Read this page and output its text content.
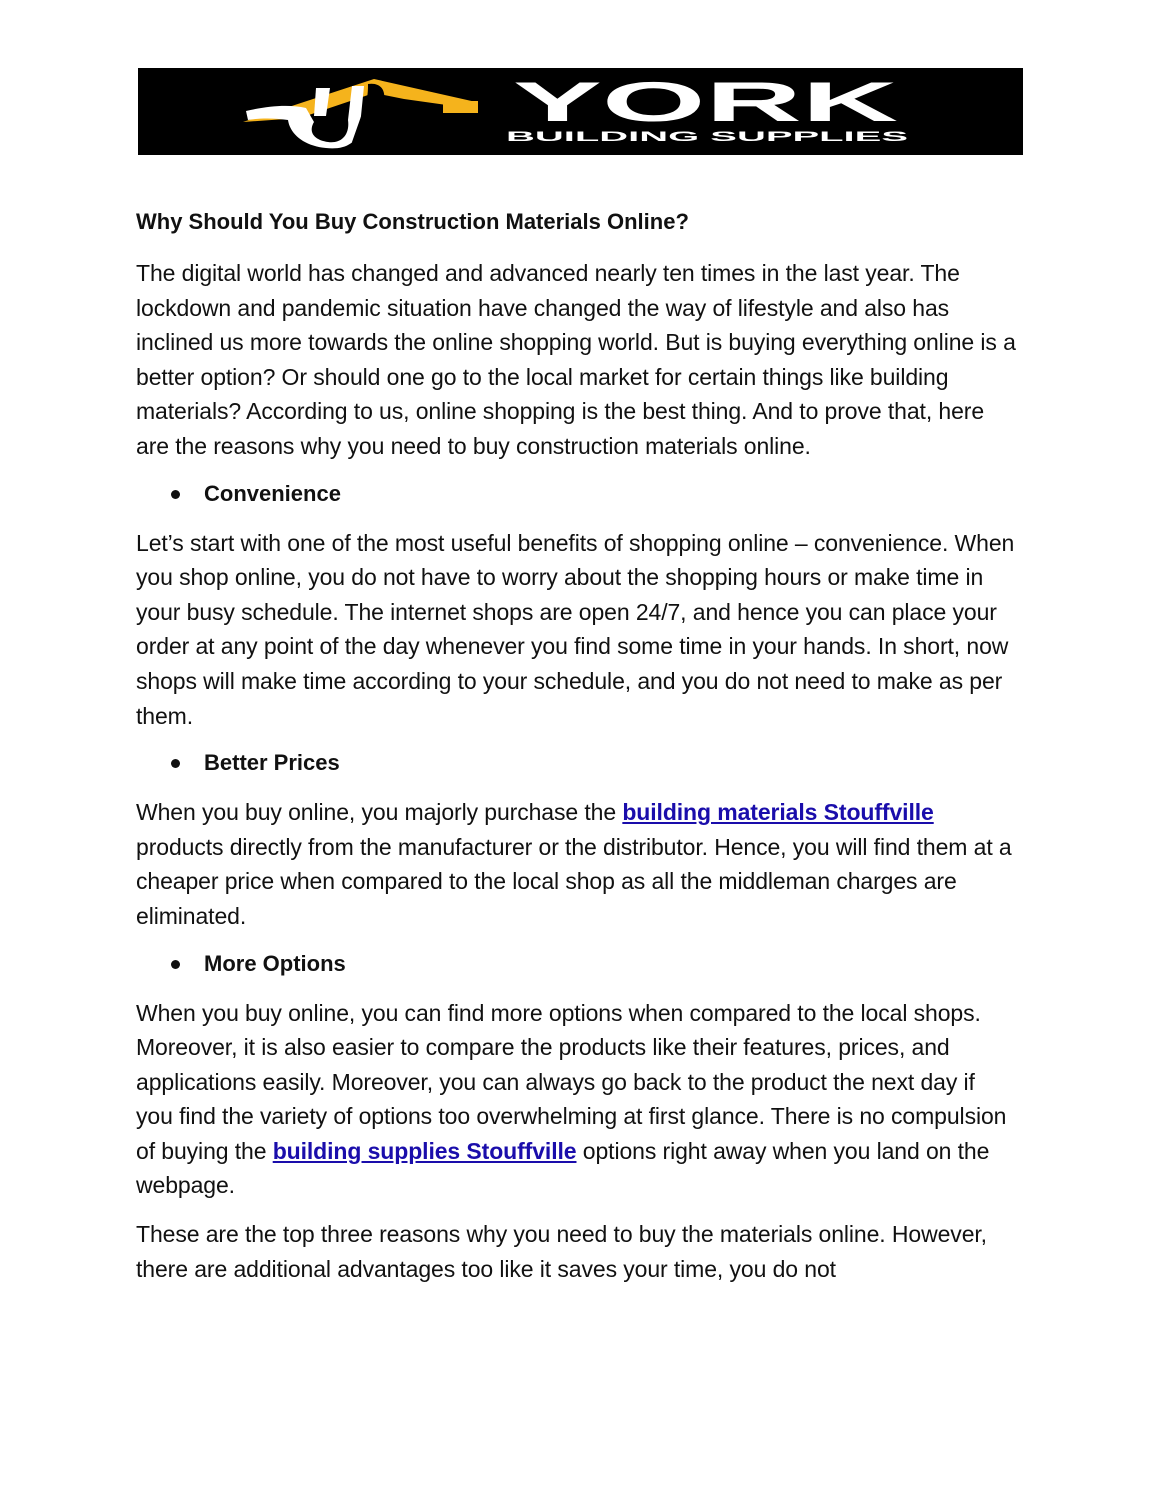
YORK
BUILDING SUPPLIES
Why Should You Buy Construction Materials Online?

The digital world has changed and advanced nearly ten times in the last year. The lockdown and pandemic situation have changed the way of lifestyle and also has inclined us more towards the online shopping world. But is buying everything online is a better option? Or should one go to the local market for certain things like building materials? According to us, online shopping is the best thing. And to prove that, here are the reasons why you need to buy construction materials online.

Convenience

Let’s start with one of the most useful benefits of shopping online – convenience. When you shop online, you do not have to worry about the shopping hours or make time in your busy schedule. The internet shops are open 24/7, and hence you can place your order at any point of the day whenever you find some time in your hands. In short, now shops will make time according to your schedule, and you do not need to make as per them.

Better Prices

When you buy online, you majorly purchase the building materials Stouffville products directly from the manufacturer or the distributor. Hence, you will find them at a cheaper price when compared to the local shop as all the middleman charges are eliminated.

More Options

When you buy online, you can find more options when compared to the local shops. Moreover, it is also easier to compare the products like their features, prices, and applications easily. Moreover, you can always go back to the product the next day if you find the variety of options too overwhelming at first glance. There is no compulsion of buying the building supplies Stouffville options right away when you land on the webpage.

These are the top three reasons why you need to buy the materials online. However, there are additional advantages too like it saves your time, you do not
